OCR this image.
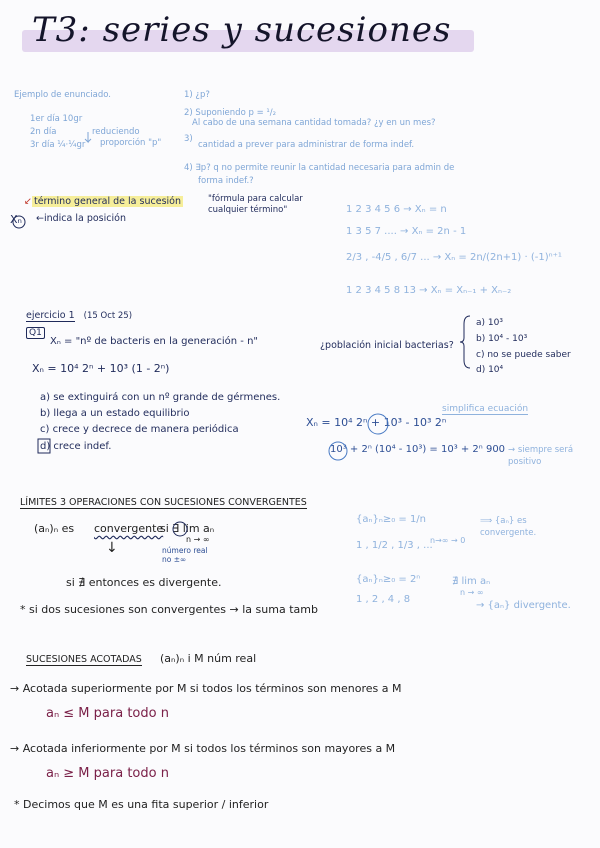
T3: series y sucesiones
Ejemplo de enunciado.
1er día 10gr
2n día	reduciendo
proporción "p"
3r día ¼·¼gr
1) ¿p?
2) Suponiendo p = ¹/₂
Al cabo de una semana cantidad tomada? ¿y en un mes?
3)
cantidad a prever para administrar de forma indef.
4) ∃p? q no permite reunir la cantidad necesaria para admin de
forma indef.?
↙ término general de la sucesión	"fórmula para calcular cualquier término"
Xₙ ←indica la posición
1 2 3 4 5 6 → Xₙ = n
1 3 5 7 .... → Xₙ = 2n - 1
2/3 , -4/5 , 6/7 ... → Xₙ = 2n/(2n+1) · (-1)ⁿ⁺¹
1 2 3 4 5 8 13 → Xₙ = Xₙ₋₁ + Xₙ₋₂
ejercicio 1 (15 Oct 25)
Q1
Xₙ = "nº de bacteris en la generación - n"
Xₙ = 10⁴ 2ⁿ + 10³ (1 - 2ⁿ)
¿población inicial bacterias?
a) 10³
b) 10⁴ - 10³
c) no se puede saber
d) 10⁴
a) se extinguirá con un nº grande de gérmenes.
b) llega a un estado equilibrio
c) crece y decrece de manera periódica
d) crece indef.
simplifica ecuación
Xₙ = 10⁴ 2ⁿ + 10³ - 10³ 2ⁿ
10³ + 2ⁿ (10⁴ - 10³) = 10³ + 2ⁿ 900 → siempre será positivo
LÍMITES 3 OPERACIONES CON SUCESIONES CONVERGENTES
(aₙ)ₙ es convergente
si ∃ lim aₙ
n → ∞
número real no ±∞
↓
si ∄ entonces es divergente.
* si dos sucesiones son convergentes → la suma tamb
{aₙ}ₙ≥₀ = 1/n
1 , 1/2 , 1/3 , ...
n→∞ → 0
⟹ {aₙ} es convergente.
{aₙ}ₙ≥₀ = 2ⁿ
1 , 2 , 4 , 8
∄ lim aₙ
n → ∞
→ {aₙ} divergente.
SUCESIONES ACOTADAS (aₙ)ₙ i M núm real
→ Acotada superiormente por M si todos los términos son menores a M
aₙ ≤ M para todo n
→ Acotada inferiormente por M si todos los términos son mayores a M
aₙ ≥ M para todo n
* Decimos que M es una fita superior / inferior
